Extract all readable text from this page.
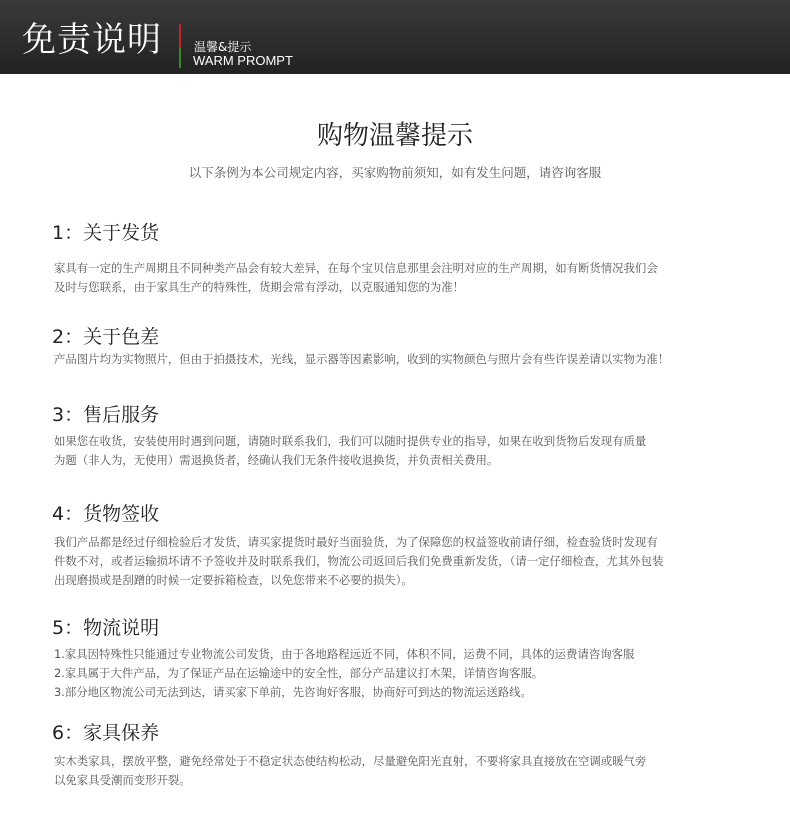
免责说明	温馨&提示
WARM PROMPT
购物温馨提示
以下条例为本公司规定内容，买家购物前须知，如有发生问题，请咨询客服
1：关于发货

家具有一定的生产周期且不同种类产品会有较大差异，在每个宝贝信息那里会注明对应的生产周期，如有断货情况我们会

及时与您联系，由于家具生产的特殊性，货期会常有浮动，以克服通知您的为准！

2：关于色差

产品图片均为实物照片，但由于拍摄技术，光线，显示器等因素影响，收到的实物颜色与照片会有些许误差请以实物为准！

3：售后服务

如果您在收货，安装使用时遇到问题，请随时联系我们，我们可以随时提供专业的指导，如果在收到货物后发现有质量

为题（非人为，无使用）需退换货者，经确认我们无条件接收退换货，并负责相关费用。

4：货物签收

我们产品都是经过仔细检验后才发货，请买家提货时最好当面验货，为了保障您的权益签收前请仔细，检查验货时发现有

件数不对，或者运输损坏请不予签收并及时联系我们，物流公司返回后我们免费重新发货，（请一定仔细检查，尤其外包装

出现磨损或是刮蹭的时候一定要拆箱检查，以免您带来不必要的损失）。

5：物流说明

1.家具因特殊性只能通过专业物流公司发货，由于各地路程远近不同，体积不同，运费不同，具体的运费请咨询客服

2.家具属于大件产品，为了保证产品在运输途中的安全性，部分产品建议打木架，详情咨询客服。

3.部分地区物流公司无法到达，请买家下单前，先咨询好客服，协商好可到达的物流运送路线。

6：家具保养

实木类家具，摆放平整，避免经常处于不稳定状态使结构松动，尽量避免阳光直射，不要将家具直接放在空调或暖气旁

以免家具受潮而变形开裂。
